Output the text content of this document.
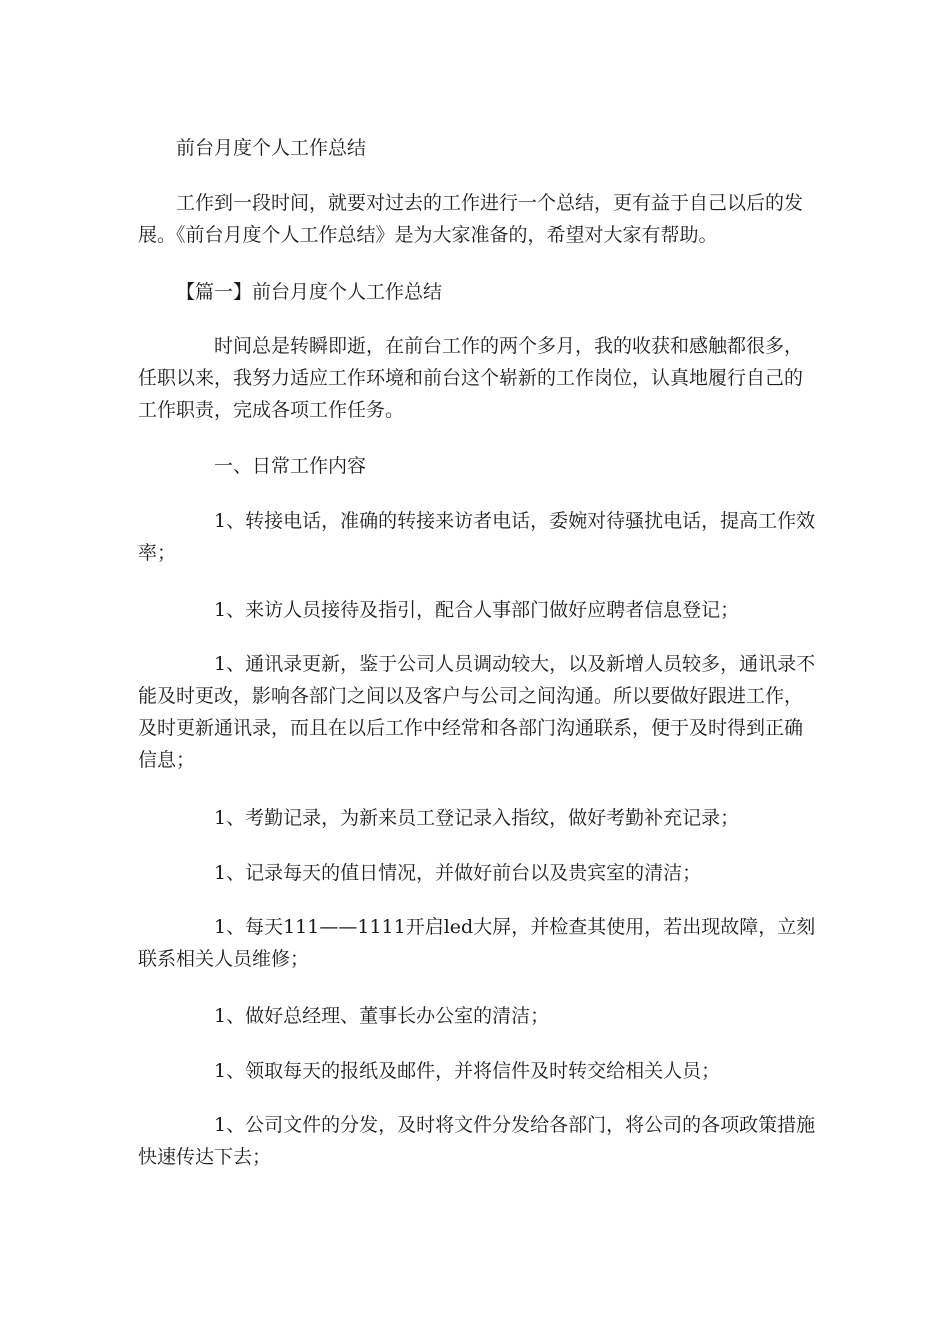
前台月度个人工作总结

工作到一段时间，就要对过去的工作进行一个总结，更有益于自己以后的发展。《前台月度个人工作总结》是为大家准备的，希望对大家有帮助。

【篇一】前台月度个人工作总结

时间总是转瞬即逝，在前台工作的两个多月，我的收获和感触都很多，任职以来，我努力适应工作环境和前台这个崭新的工作岗位，认真地履行自己的工作职责，完成各项工作任务。

一、日常工作内容

1、转接电话，准确的转接来访者电话，委婉对待骚扰电话，提高工作效率；

1、来访人员接待及指引，配合人事部门做好应聘者信息登记；

1、通讯录更新，鉴于公司人员调动较大，以及新增人员较多，通讯录不能及时更改，影响各部门之间以及客户与公司之间沟通。所以要做好跟进工作，及时更新通讯录，而且在以后工作中经常和各部门沟通联系，便于及时得到正确信息；

1、考勤记录，为新来员工登记录入指纹，做好考勤补充记录；

1、记录每天的值日情况，并做好前台以及贵宾室的清洁；

1、每天111——1111开启led大屏，并检查其使用，若出现故障，立刻联系相关人员维修；

1、做好总经理、董事长办公室的清洁；

1、领取每天的报纸及邮件，并将信件及时转交给相关人员；

1、公司文件的分发，及时将文件分发给各部门，将公司的各项政策措施快速传达下去；
